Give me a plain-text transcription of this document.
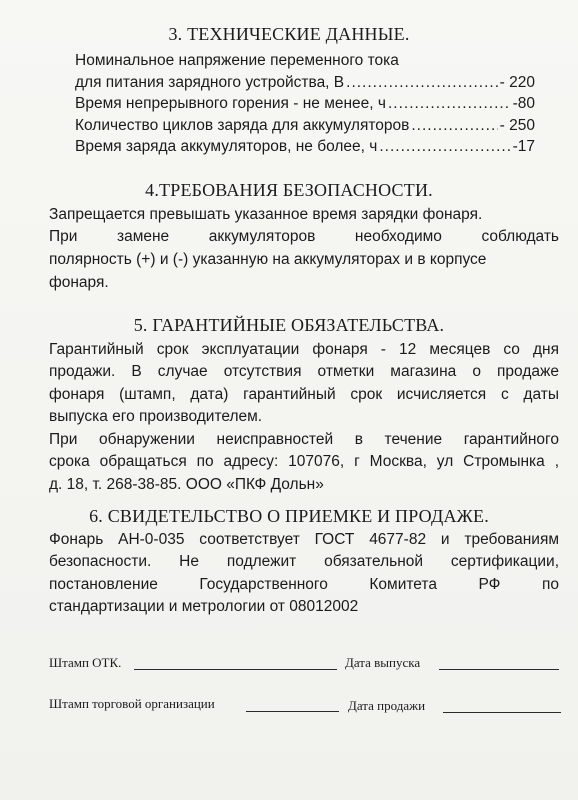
3. ТЕХНИЧЕСКИЕ ДАННЫЕ.
Номинальное напряжение переменного тока
для питания зарядного устройства, В .....	- 220
Время непрерывного горения - не менее, ч .....	-80
Количество циклов заряда для аккумуляторов .....	- 250
Время заряда аккумуляторов, не более, ч .....	-17
4.ТРЕБОВАНИЯ БЕЗОПАСНОСТИ.
Запрещается превышать указанное время зарядки фонаря.
При замене аккумуляторов необходимо соблюдать
полярность (+) и (-) указанную на аккумуляторах и в корпусе
фонаря.
5. ГАРАНТИЙНЫЕ ОБЯЗАТЕЛЬСТВА.
Гарантийный срок эксплуатации фонаря - 12 месяцев со дня
продажи. В случае отсутствия отметки магазина о продаже
фонаря (штамп, дата) гарантийный срок исчисляется с даты
выпуска его производителем.
При обнаружении неисправностей в течение гарантийного
срока обращаться по адресу: 107076, г Москва, ул Стромынка ,
д. 18, т. 268-38-85. ООО «ПКФ Дольн»
6. СВИДЕТЕЛЬСТВО О ПРИЕМКЕ И ПРОДАЖЕ.
Фонарь АН-0-035 соответствует ГОСТ 4677-82 и требованиям
безопасности. Не подлежит обязательной сертификации,
постановление Государственного Комитета РФ по
стандартизации и метрологии от 08012002
Штамп ОТК.	Дата выпуска
Штамп торговой организации	Дата продажи
